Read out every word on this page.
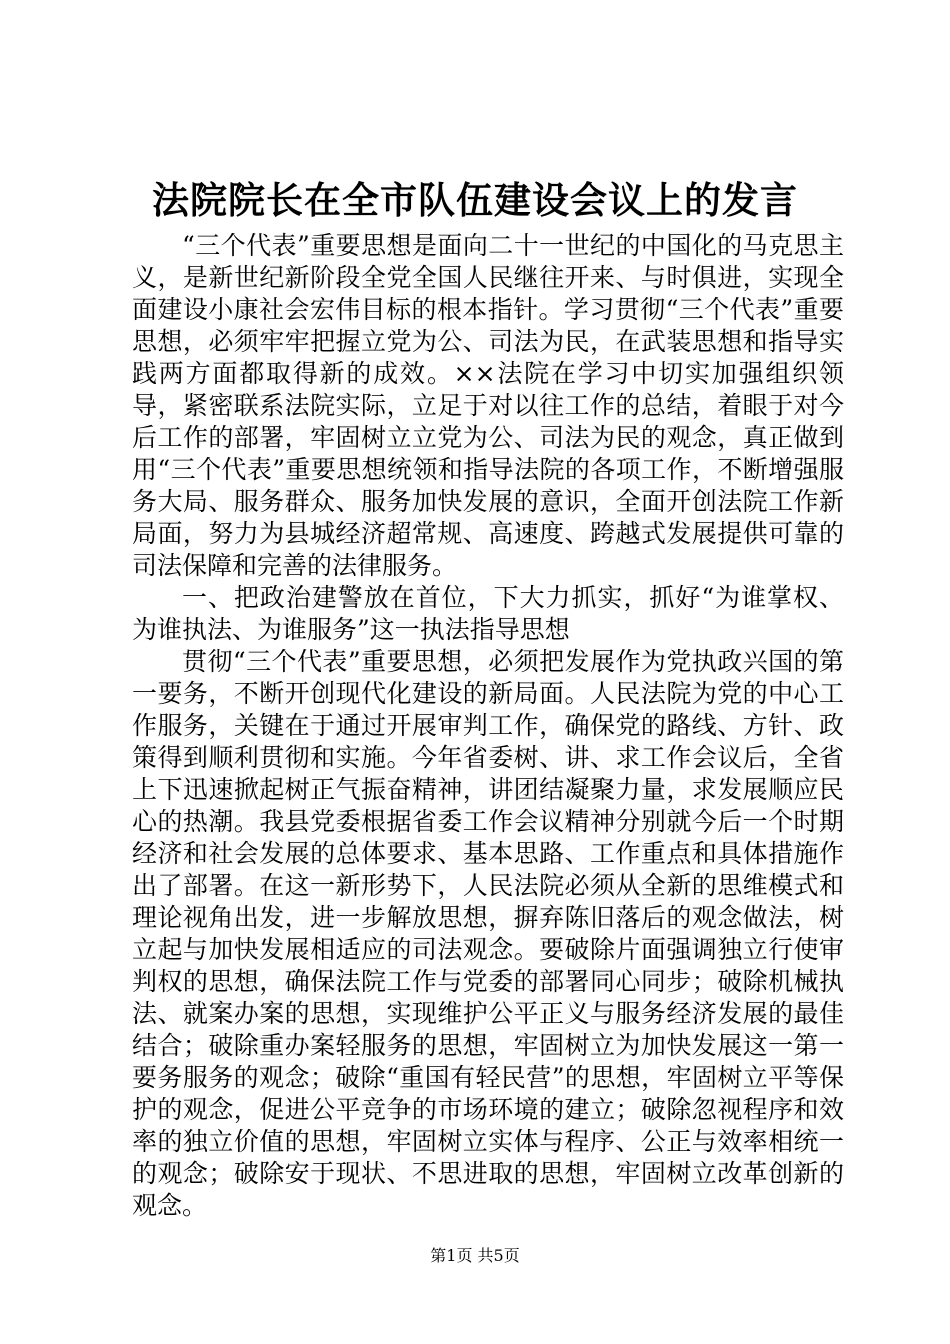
法院院长在全市队伍建设会议上的发言

“三个代表”重要思想是面向二十一世纪的中国化的马克思主义，是新世纪新阶段全党全国人民继往开来、与时俱进，实现全面建设小康社会宏伟目标的根本指针。学习贯彻“三个代表”重要思想，必须牢牢把握立党为公、司法为民，在武装思想和指导实践两方面都取得新的成效。××法院在学习中切实加强组织领导，紧密联系法院实际，立足于对以往工作的总结，着眼于对今后工作的部署，牢固树立立党为公、司法为民的观念，真正做到用“三个代表”重要思想统领和指导法院的各项工作，不断增强服务大局、服务群众、服务加快发展的意识，全面开创法院工作新局面，努力为县城经济超常规、高速度、跨越式发展提供可靠的司法保障和完善的法律服务。

一、把政治建警放在首位，下大力抓实，抓好“为谁掌权、为谁执法、为谁服务”这一执法指导思想

贯彻“三个代表”重要思想，必须把发展作为党执政兴国的第一要务，不断开创现代化建设的新局面。人民法院为党的中心工作服务，关键在于通过开展审判工作，确保党的路线、方针、政策得到顺利贯彻和实施。今年省委树、讲、求工作会议后，全省上下迅速掀起树正气振奋精神，讲团结凝聚力量，求发展顺应民心的热潮。我县党委根据省委工作会议精神分别就今后一个时期经济和社会发展的总体要求、基本思路、工作重点和具体措施作出了部署。在这一新形势下，人民法院必须从全新的思维模式和理论视角出发，进一步解放思想，摒弃陈旧落后的观念做法，树立起与加快发展相适应的司法观念。要破除片面强调独立行使审判权的思想，确保法院工作与党委的部署同心同步；破除机械执法、就案办案的思想，实现维护公平正义与服务经济发展的最佳结合；破除重办案轻服务的思想，牢固树立为加快发展这一第一要务服务的观念；破除“重国有轻民营”的思想，牢固树立平等保护的观念，促进公平竞争的市场环境的建立；破除忽视程序和效率的独立价值的思想，牢固树立实体与程序、公正与效率相统一的观念；破除安于现状、不思进取的思想，牢固树立改革创新的观念。

第1页 共5页
